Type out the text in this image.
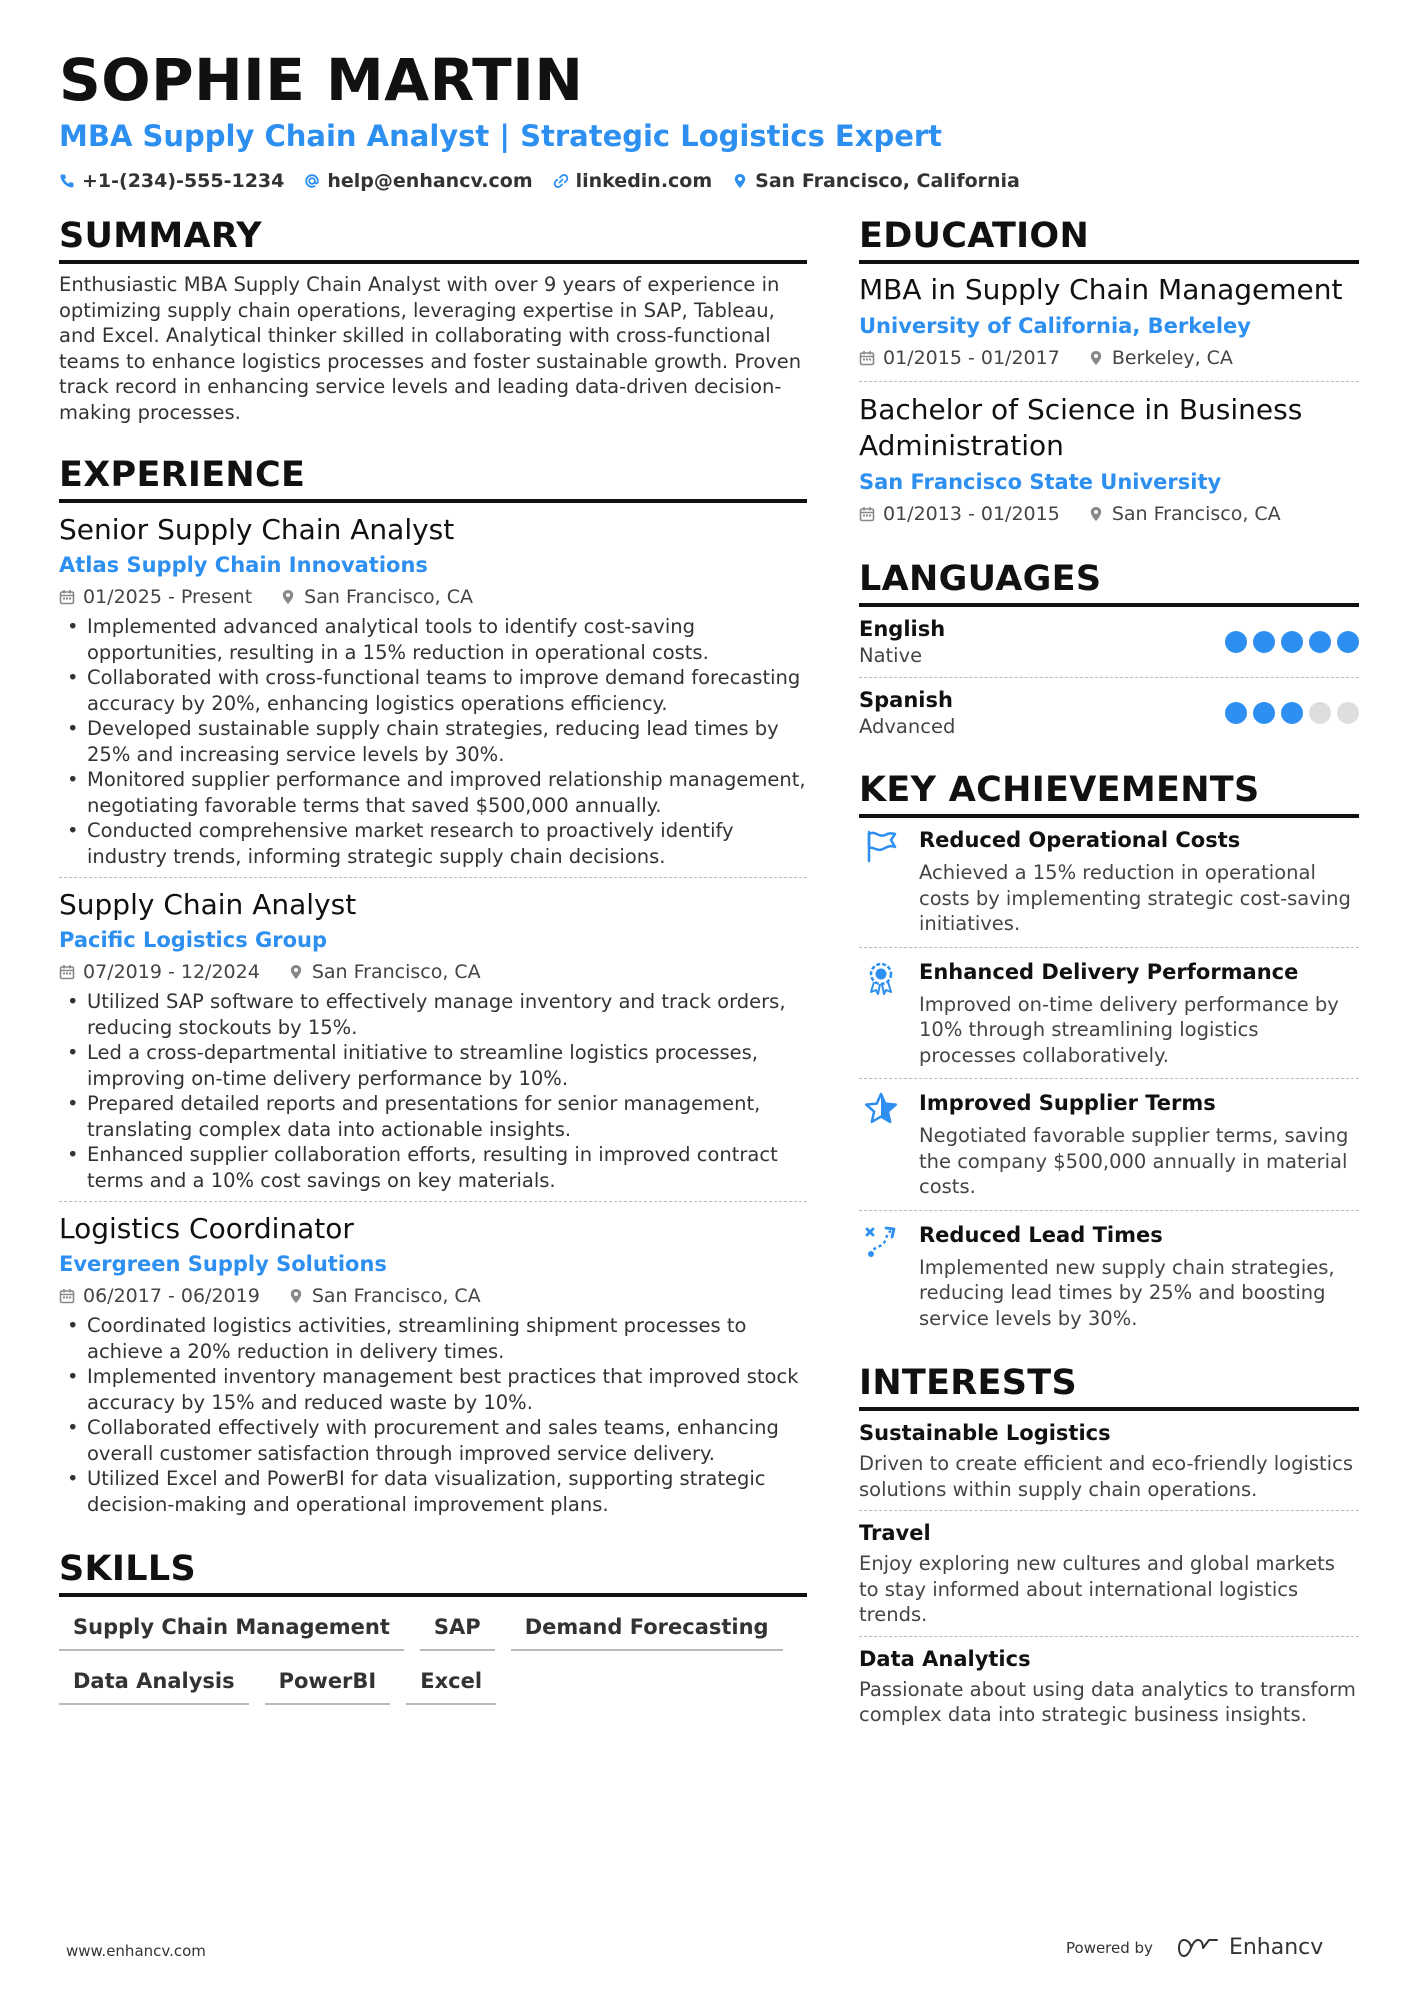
SOPHIE MARTIN
MBA Supply Chain Analyst | Strategic Logistics Expert
+1-(234)-555-1234 help@enhancv.com linkedin.com San Francisco, California
SUMMARY

Enthusiastic MBA Supply Chain Analyst with over 9 years of experience in optimizing supply chain operations, leveraging expertise in SAP, Tableau, and Excel. Analytical thinker skilled in collaborating with cross-functional teams to enhance logistics processes and foster sustainable growth. Proven track record in enhancing service levels and leading data-driven decision-making processes.

EXPERIENCE
Senior Supply Chain Analyst
Atlas Supply Chain Innovations
01/2025 - Present	San Francisco, CA
• Implemented advanced analytical tools to identify cost-saving opportunities, resulting in a 15% reduction in operational costs.
• Collaborated with cross-functional teams to improve demand forecasting accuracy by 20%, enhancing logistics operations efficiency.
• Developed sustainable supply chain strategies, reducing lead times by 25% and increasing service levels by 30%.
• Monitored supplier performance and improved relationship management, negotiating favorable terms that saved $500,000 annually.
• Conducted comprehensive market research to proactively identify industry trends, informing strategic supply chain decisions.
Supply Chain Analyst
Pacific Logistics Group
07/2019 - 12/2024	San Francisco, CA
• Utilized SAP software to effectively manage inventory and track orders, reducing stockouts by 15%.
• Led a cross-departmental initiative to streamline logistics processes, improving on-time delivery performance by 10%.
• Prepared detailed reports and presentations for senior management, translating complex data into actionable insights.
• Enhanced supplier collaboration efforts, resulting in improved contract terms and a 10% cost savings on key materials.
Logistics Coordinator
Evergreen Supply Solutions
06/2017 - 06/2019	San Francisco, CA
• Coordinated logistics activities, streamlining shipment processes to achieve a 20% reduction in delivery times.
• Implemented inventory management best practices that improved stock accuracy by 15% and reduced waste by 10%.
• Collaborated effectively with procurement and sales teams, enhancing overall customer satisfaction through improved service delivery.
• Utilized Excel and PowerBI for data visualization, supporting strategic decision-making and operational improvement plans.
SKILLS
Supply Chain Management	SAP	Demand Forecasting
Data Analysis	PowerBI	Excel
EDUCATION
MBA in Supply Chain Management
University of California, Berkeley
01/2015 - 01/2017	Berkeley, CA
Bachelor of Science in Business Administration
San Francisco State University
01/2013 - 01/2015	San Francisco, CA
LANGUAGES
English
Native
Spanish
Advanced
KEY ACHIEVEMENTS
Reduced Operational Costs
Achieved a 15% reduction in operational costs by implementing strategic cost-saving initiatives.
Enhanced Delivery Performance
Improved on-time delivery performance by 10% through streamlining logistics processes collaboratively.
Improved Supplier Terms
Negotiated favorable supplier terms, saving the company $500,000 annually in material costs.
Reduced Lead Times
Implemented new supply chain strategies, reducing lead times by 25% and boosting service levels by 30%.
INTERESTS
Sustainable Logistics
Driven to create efficient and eco-friendly logistics solutions within supply chain operations.
Travel
Enjoy exploring new cultures and global markets to stay informed about international logistics trends.
Data Analytics
Passionate about using data analytics to transform complex data into strategic business insights.
www.enhancv.com	Powered by	Enhancv
